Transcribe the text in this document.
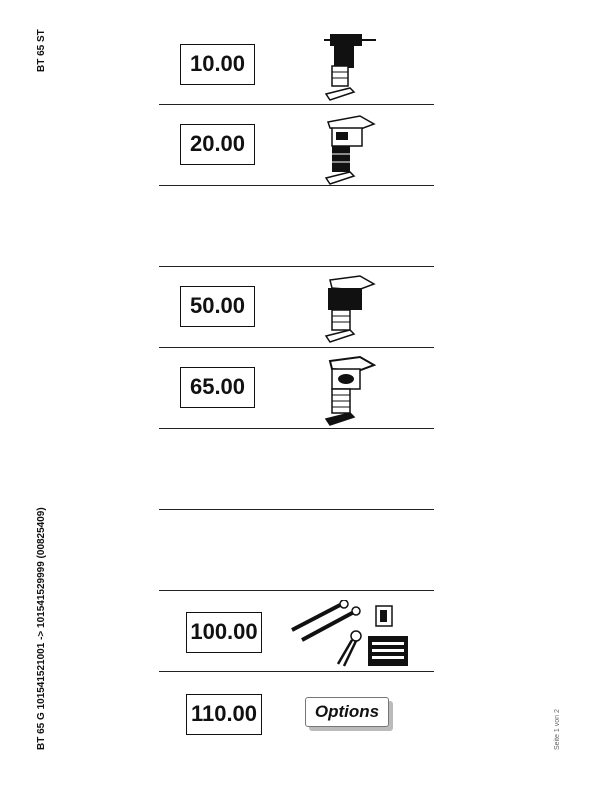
BT 65 ST
BT 65 G 101541521001 -> 101541529999 (00825409)	Seite 1 von 2
10.00
20.00
50.00
65.00
100.00
110.00	Options
